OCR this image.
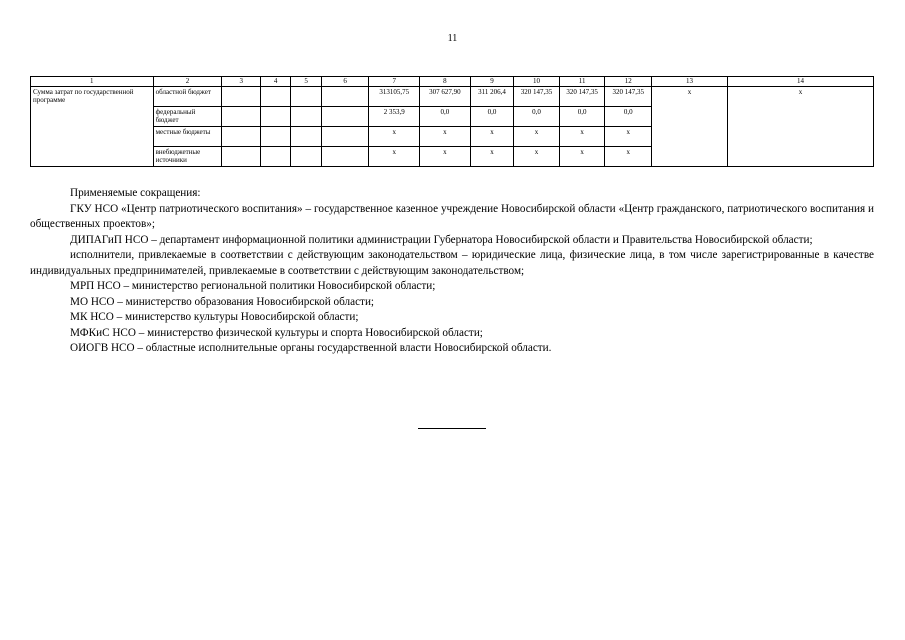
11
1	2	3	4	5	6	7	8	9	10	11	12	13	14
Сумма затрат по государственной программе	областной бюджет					313105,75	307 627,90	311 206,4	320 147,35	320 147,35	320 147,35	x	x
	федеральный бюджет					2 353,9	0,0	0,0	0,0	0,0	0,0		
	местные бюджеты					x	x	x	x	x	x		
	внебюджетные источники					x	x	x	x	x	x		

Применяемые сокращения:

ГКУ НСО «Центр патриотического воспитания» – государственное казенное учреждение Новосибирской области «Центр гражданского, патриотического воспитания и общественных проектов»;

ДИПАГиП НСО – департамент информационной политики администрации Губернатора Новосибирской области и Правительства Новосибирской области;

исполнители, привлекаемые в соответствии с действующим законодательством – юридические лица, физические лица, в том числе зарегистрированные в качестве индивидуальных предпринимателей, привлекаемые в соответствии с действующим законодательством;

МРП НСО – министерство региональной политики Новосибирской области;

МО НСО – министерство образования Новосибирской области;

МК НСО – министерство культуры Новосибирской области;

МФКиС НСО – министерство физической культуры и спорта Новосибирской области;

ОИОГВ НСО – областные исполнительные органы государственной власти Новосибирской области.
